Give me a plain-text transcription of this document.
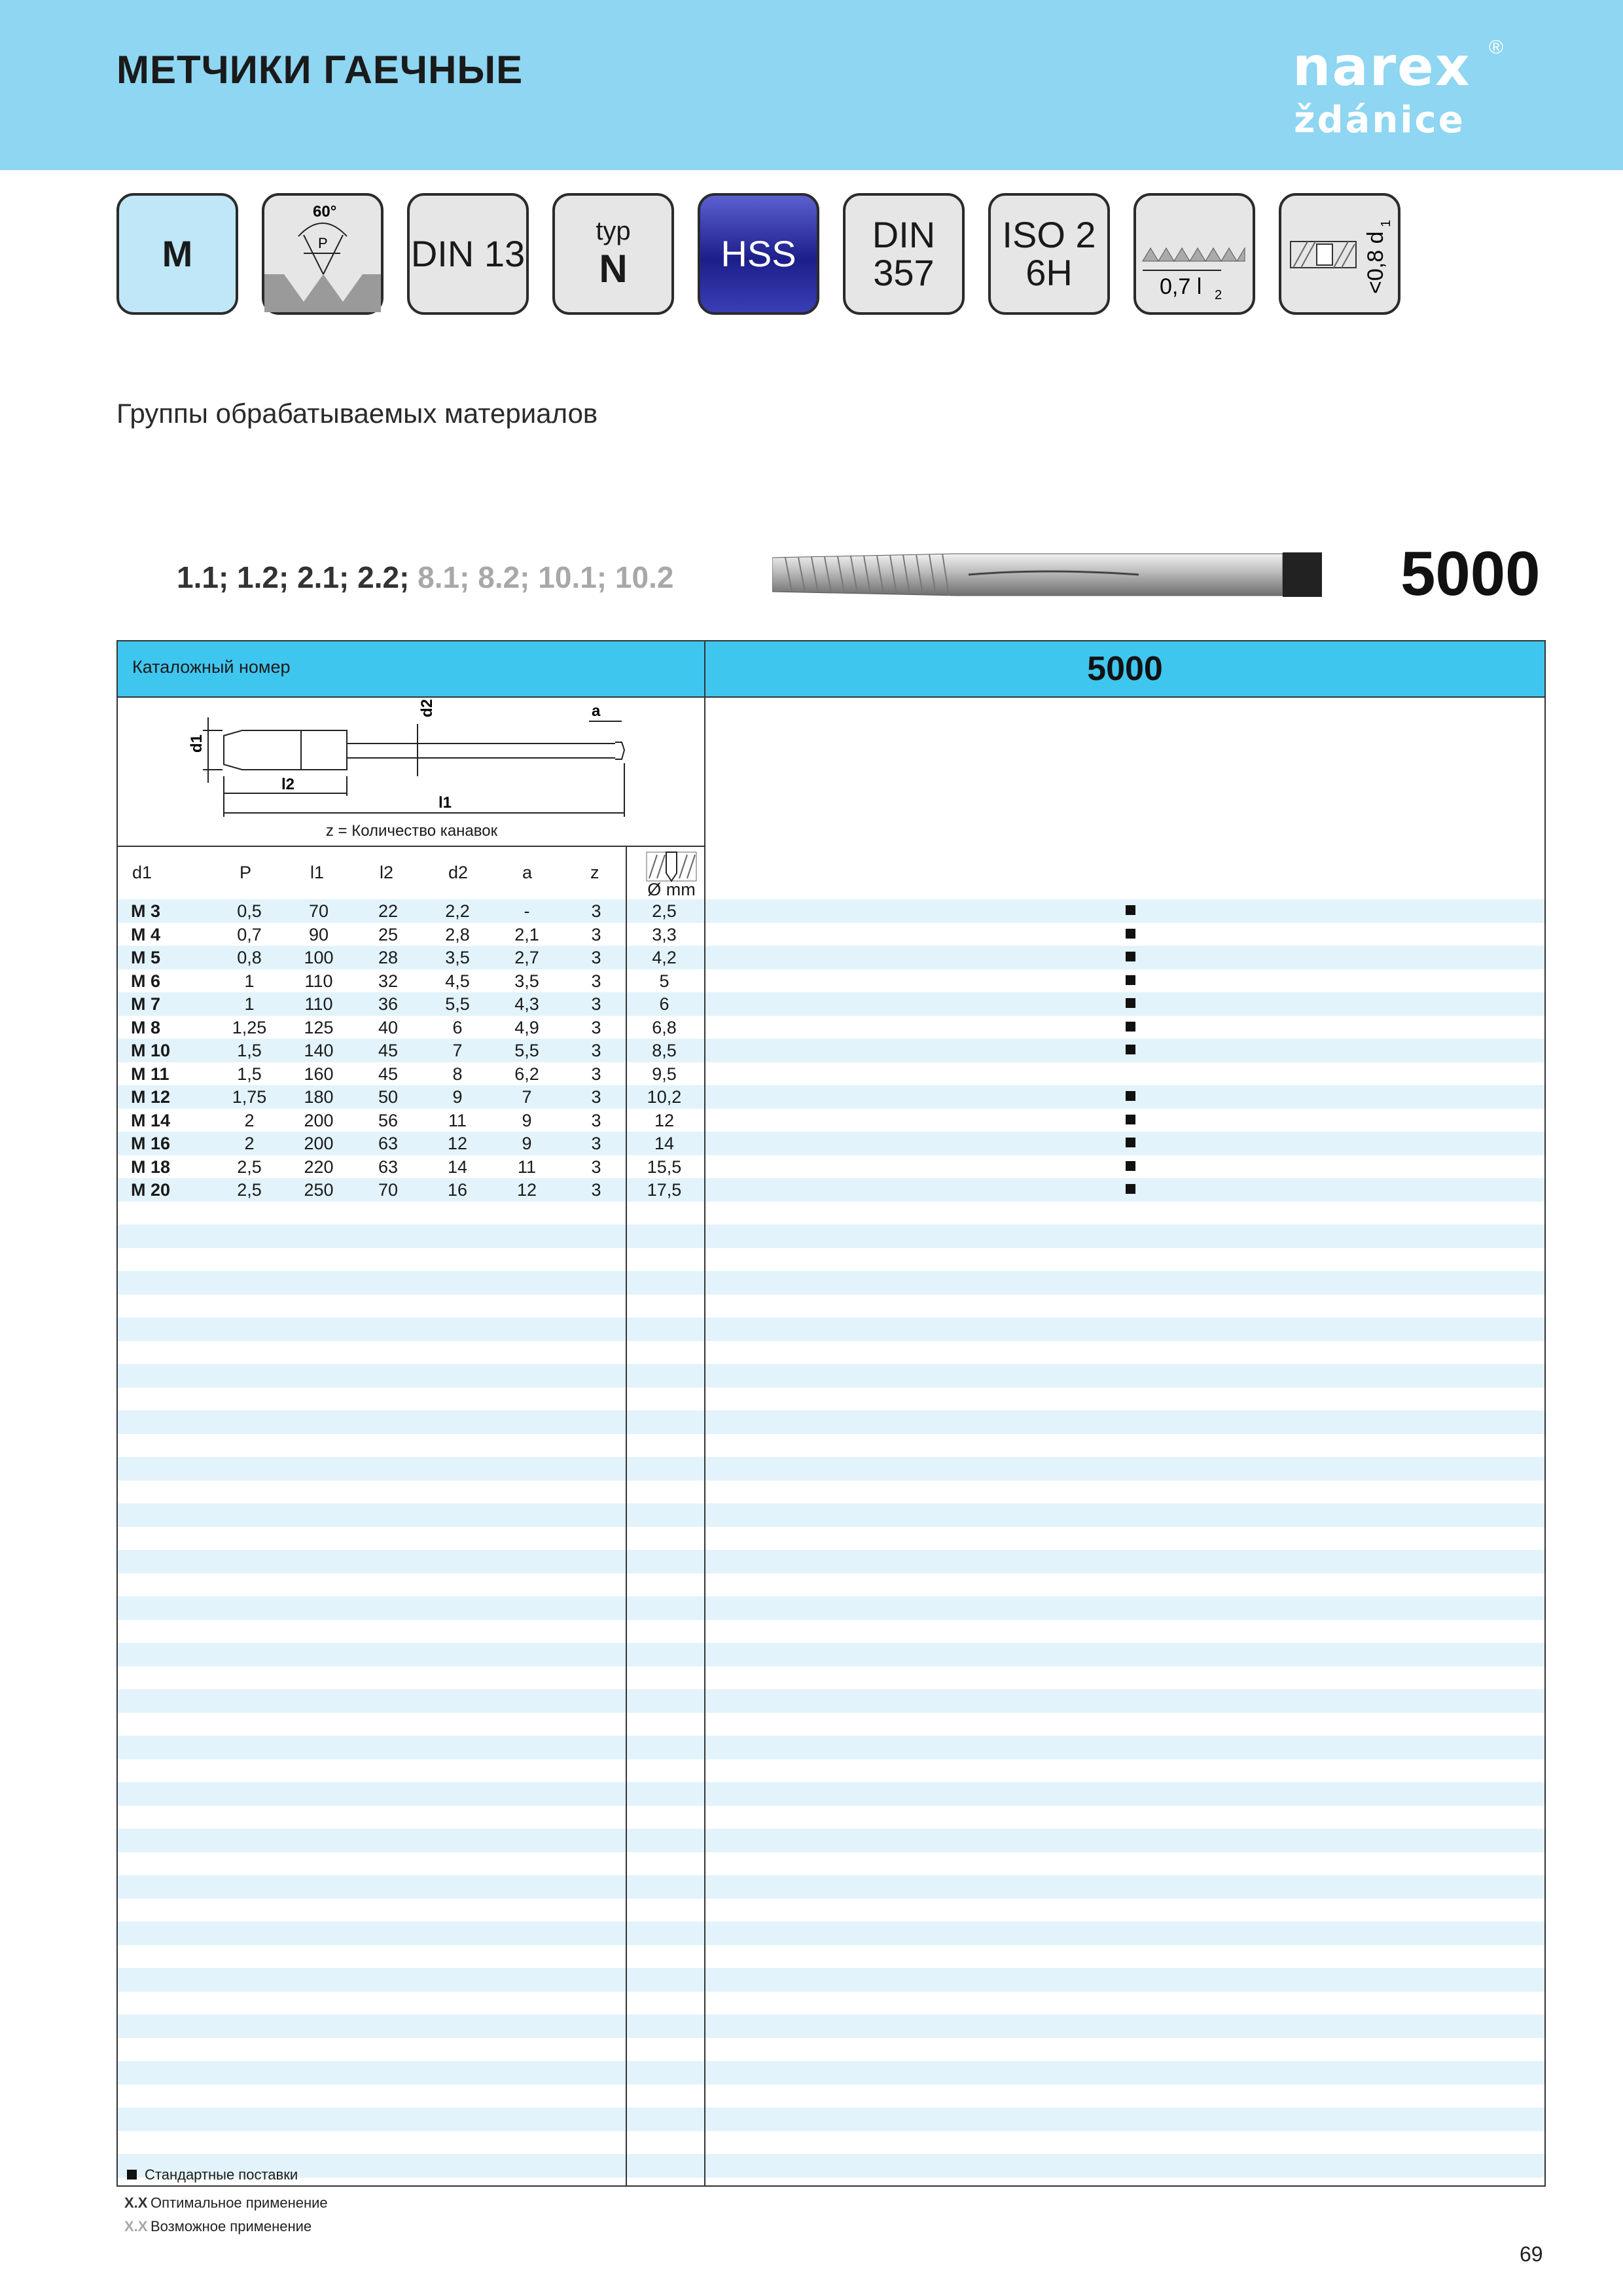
МЕТЧИКИ ГАЕЧНЫЕ	narex
ždánice
®
M
60°
P DIN 13
typ
N	HSS DIN
357
ISO 2
6H	0,7 l 2
<0,8 d
1
Группы обрабатываемых материалов
1.1; 1.2; 2.1; 2.2; 8.1; 8.2; 10.1; 10.2	5000
Каталожный номер	5000
d1
l2
l1
d2	a
z = Количество канавок
d1	P	l1	l2	d2	a	z
Ø mm
M 3	0,5	70	22	2,2	-	3	2,5
M 4	0,7	90	25	2,8	2,1	3	3,3
M 5	0,8	100	28	3,5	2,7	3	4,2
M 6	1	110	32	4,5	3,5	3	5
M 7	1	110	36	5,5	4,3	3	6
M 8	1,25	125	40	6	4,9	3	6,8
M 10	1,5	140	45	7	5,5	3	8,5
M 11	1,5	160	45	8	6,2	3	9,5
M 12	1,75	180	50	9	7	3	10,2
M 14	2	200	56	11	9	3	12
M 16	2	200	63	12	9	3	14
M 18	2,5	220	63	14	11	3	15,5
M 20	2,5	250	70	16	12	3	17,5
Стандартные поставки
X.X Оптимальное применение
X.X Возможное применение
69
